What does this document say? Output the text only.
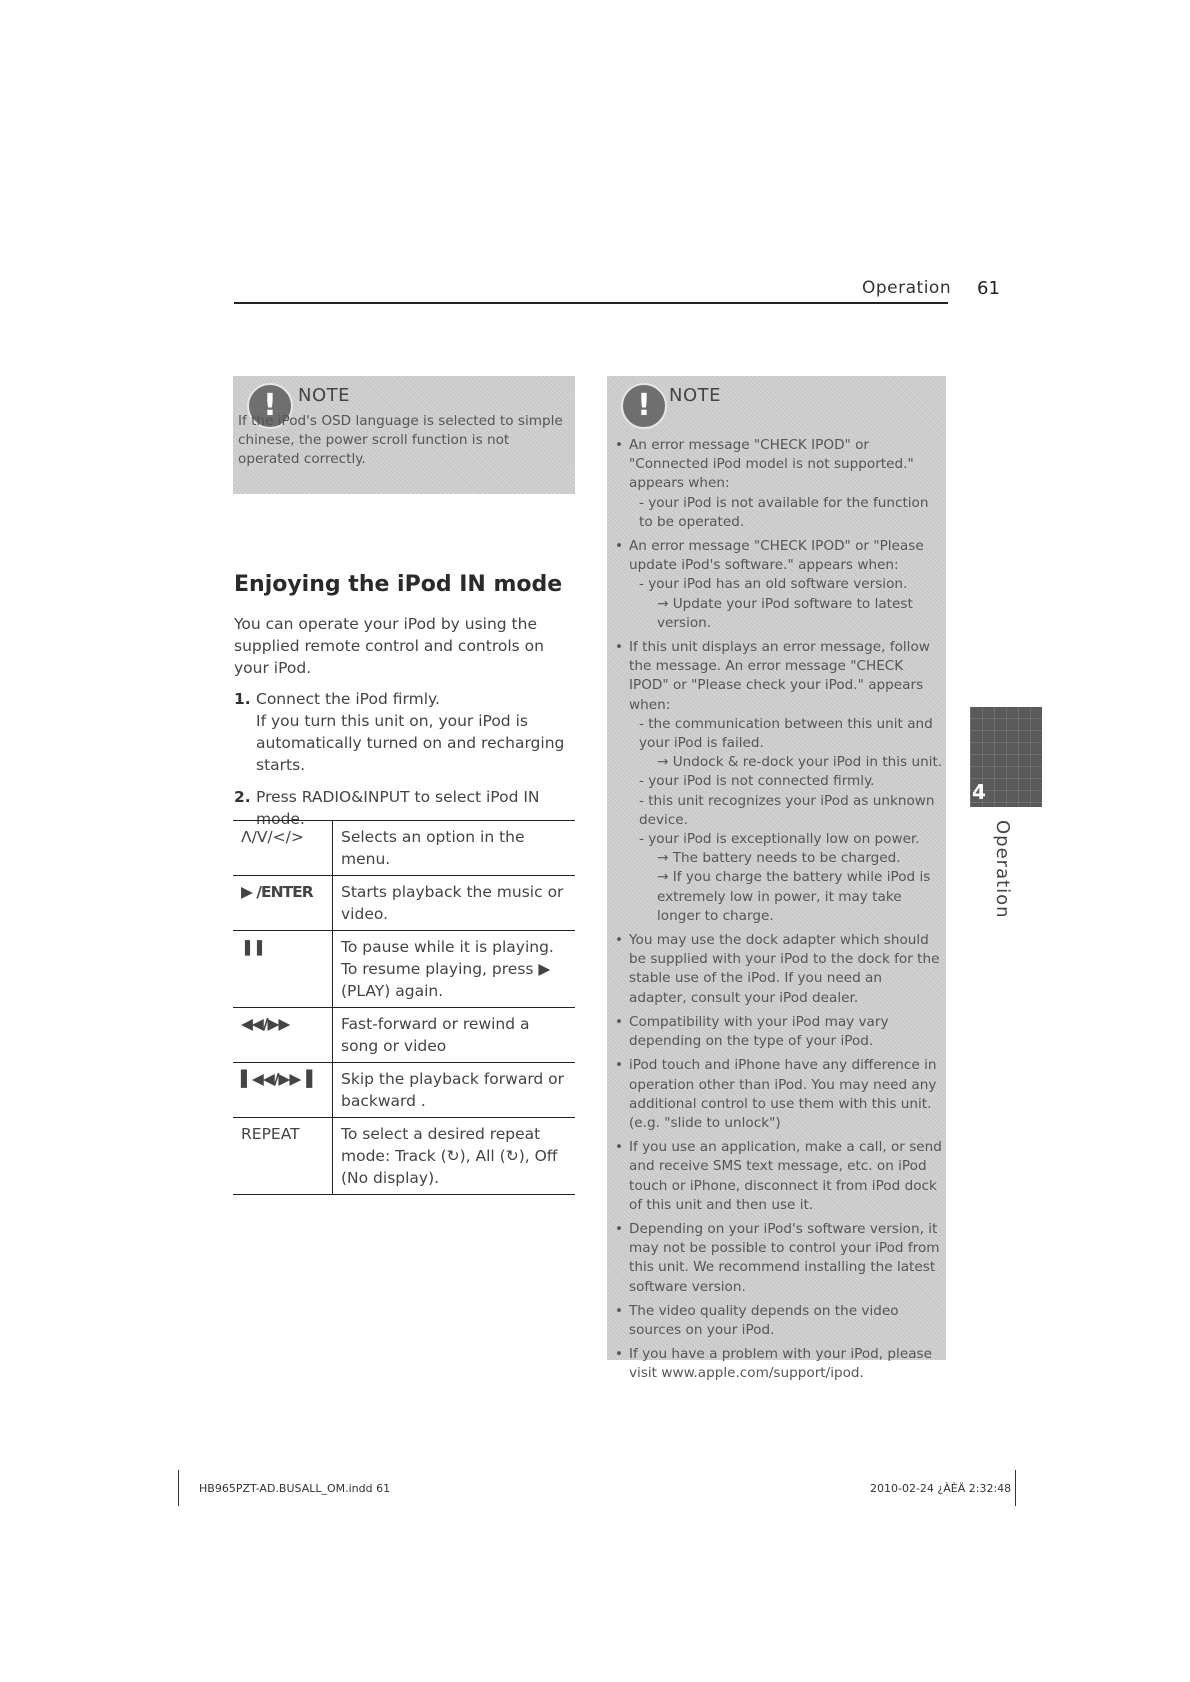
Operation 61
!	NOTE
If the iPod's OSD language is selected to simple chinese, the power scroll function is not operated correctly.
Enjoying the iPod IN mode
You can operate your iPod by using the supplied remote control and controls on your iPod.
1. Connect the iPod firmly.
If you turn this unit on, your iPod is automatically turned on and recharging starts.
2. Press RADIO&INPUT to select iPod IN mode.
Λ/V/</>	Selects an option in the menu.
▶ /ENTER	Starts playback the music or video.
❚❚	To pause while it is playing. To resume playing, press ▶ (PLAY) again.
◀◀/▶▶	Fast-forward or rewind a song or video
▌◀◀/▶▶▐	Skip the playback forward or backward .
REPEAT	To select a desired repeat mode: Track (↻), All (↻), Off (No display).
!	NOTE
• An error message "CHECK IPOD" or "Connected iPod model is not supported." appears when:
- your iPod is not available for the function to be operated.
• An error message "CHECK IPOD" or "Please update iPod's software." appears when:
- your iPod has an old software version.
→ Update your iPod software to latest version.
• If this unit displays an error message, follow the message. An error message "CHECK IPOD" or "Please check your iPod." appears when:
- the communication between this unit and your iPod is failed.
→ Undock & re-dock your iPod in this unit.
- your iPod is not connected firmly.
- this unit recognizes your iPod as unknown device.
- your iPod is exceptionally low on power.
→ The battery needs to be charged.
→ If you charge the battery while iPod is extremely low in power, it may take longer to charge.
• You may use the dock adapter which should be supplied with your iPod to the dock for the stable use of the iPod. If you need an adapter, consult your iPod dealer.
• Compatibility with your iPod may vary depending on the type of your iPod.
• iPod touch and iPhone have any difference in operation other than iPod. You may need any additional control to use them with this unit. (e.g. "slide to unlock")
• If you use an application, make a call, or send and receive SMS text message, etc. on iPod touch or iPhone, disconnect it from iPod dock of this unit and then use it.
• Depending on your iPod's software version, it may not be possible to control your iPod from this unit. We recommend installing the latest software version.
• The video quality depends on the video sources on your iPod.
• If you have a problem with your iPod, please visit www.apple.com/support/ipod.
4
Operation
HB965PZT-AD.BUSALL_OM.indd 61	2010-02-24 ¿ÀÈÄ 2:32:48
